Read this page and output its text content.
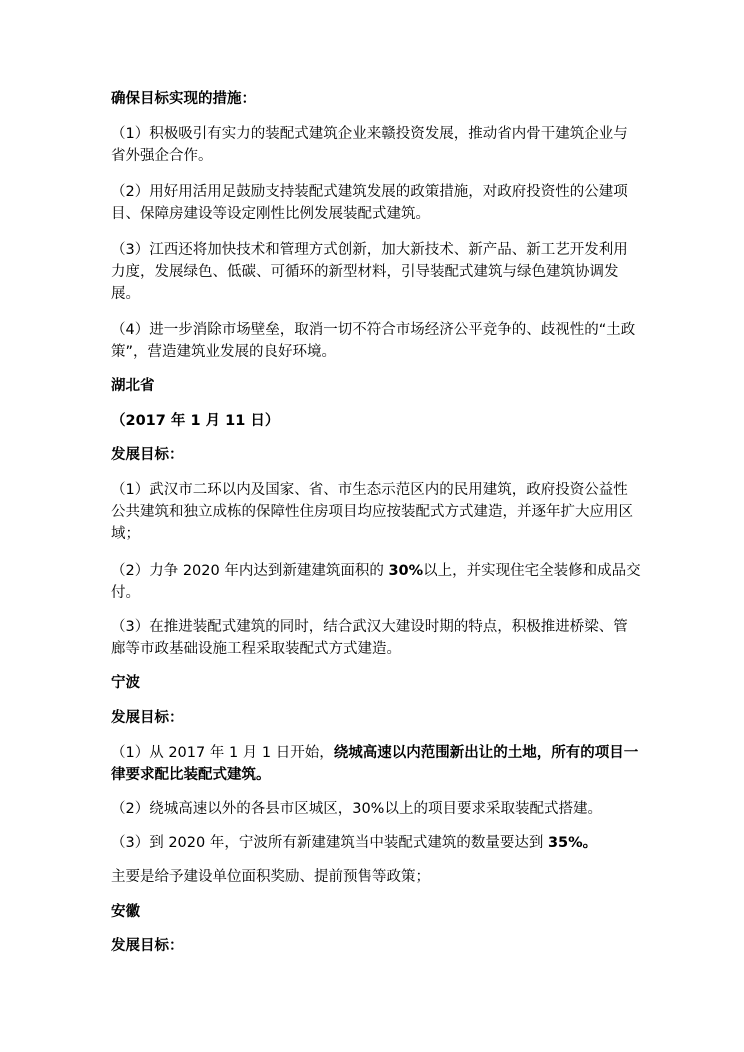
确保目标实现的措施：
（1）积极吸引有实力的装配式建筑企业来赣投资发展，推动省内骨干建筑企业与省外强企合作。
（2）用好用活用足鼓励支持装配式建筑发展的政策措施，对政府投资性的公建项目、保障房建设等设定刚性比例发展装配式建筑。
（3）江西还将加快技术和管理方式创新，加大新技术、新产品、新工艺开发利用力度，发展绿色、低碳、可循环的新型材料，引导装配式建筑与绿色建筑协调发展。
（4）进一步消除市场壁垒，取消一切不符合市场经济公平竞争的、歧视性的“土政策”，营造建筑业发展的良好环境。
湖北省
（2017 年 1 月 11 日）
发展目标：
（1）武汉市二环以内及国家、省、市生态示范区内的民用建筑，政府投资公益性公共建筑和独立成栋的保障性住房项目均应按装配式方式建造，并逐年扩大应用区域；
（2）力争 2020 年内达到新建建筑面积的 30%以上，并实现住宅全装修和成品交付。
（3）在推进装配式建筑的同时，结合武汉大建设时期的特点，积极推进桥梁、管廊等市政基础设施工程采取装配式方式建造。
宁波
发展目标：
（1）从 2017 年 1 月 1 日开始，绕城高速以内范围新出让的土地，所有的项目一律要求配比装配式建筑。
（2）绕城高速以外的各县市区城区，30%以上的项目要求采取装配式搭建。
（3）到 2020 年，宁波所有新建建筑当中装配式建筑的数量要达到 35%。
主要是给予建设单位面积奖励、提前预售等政策；
安徽
发展目标：
